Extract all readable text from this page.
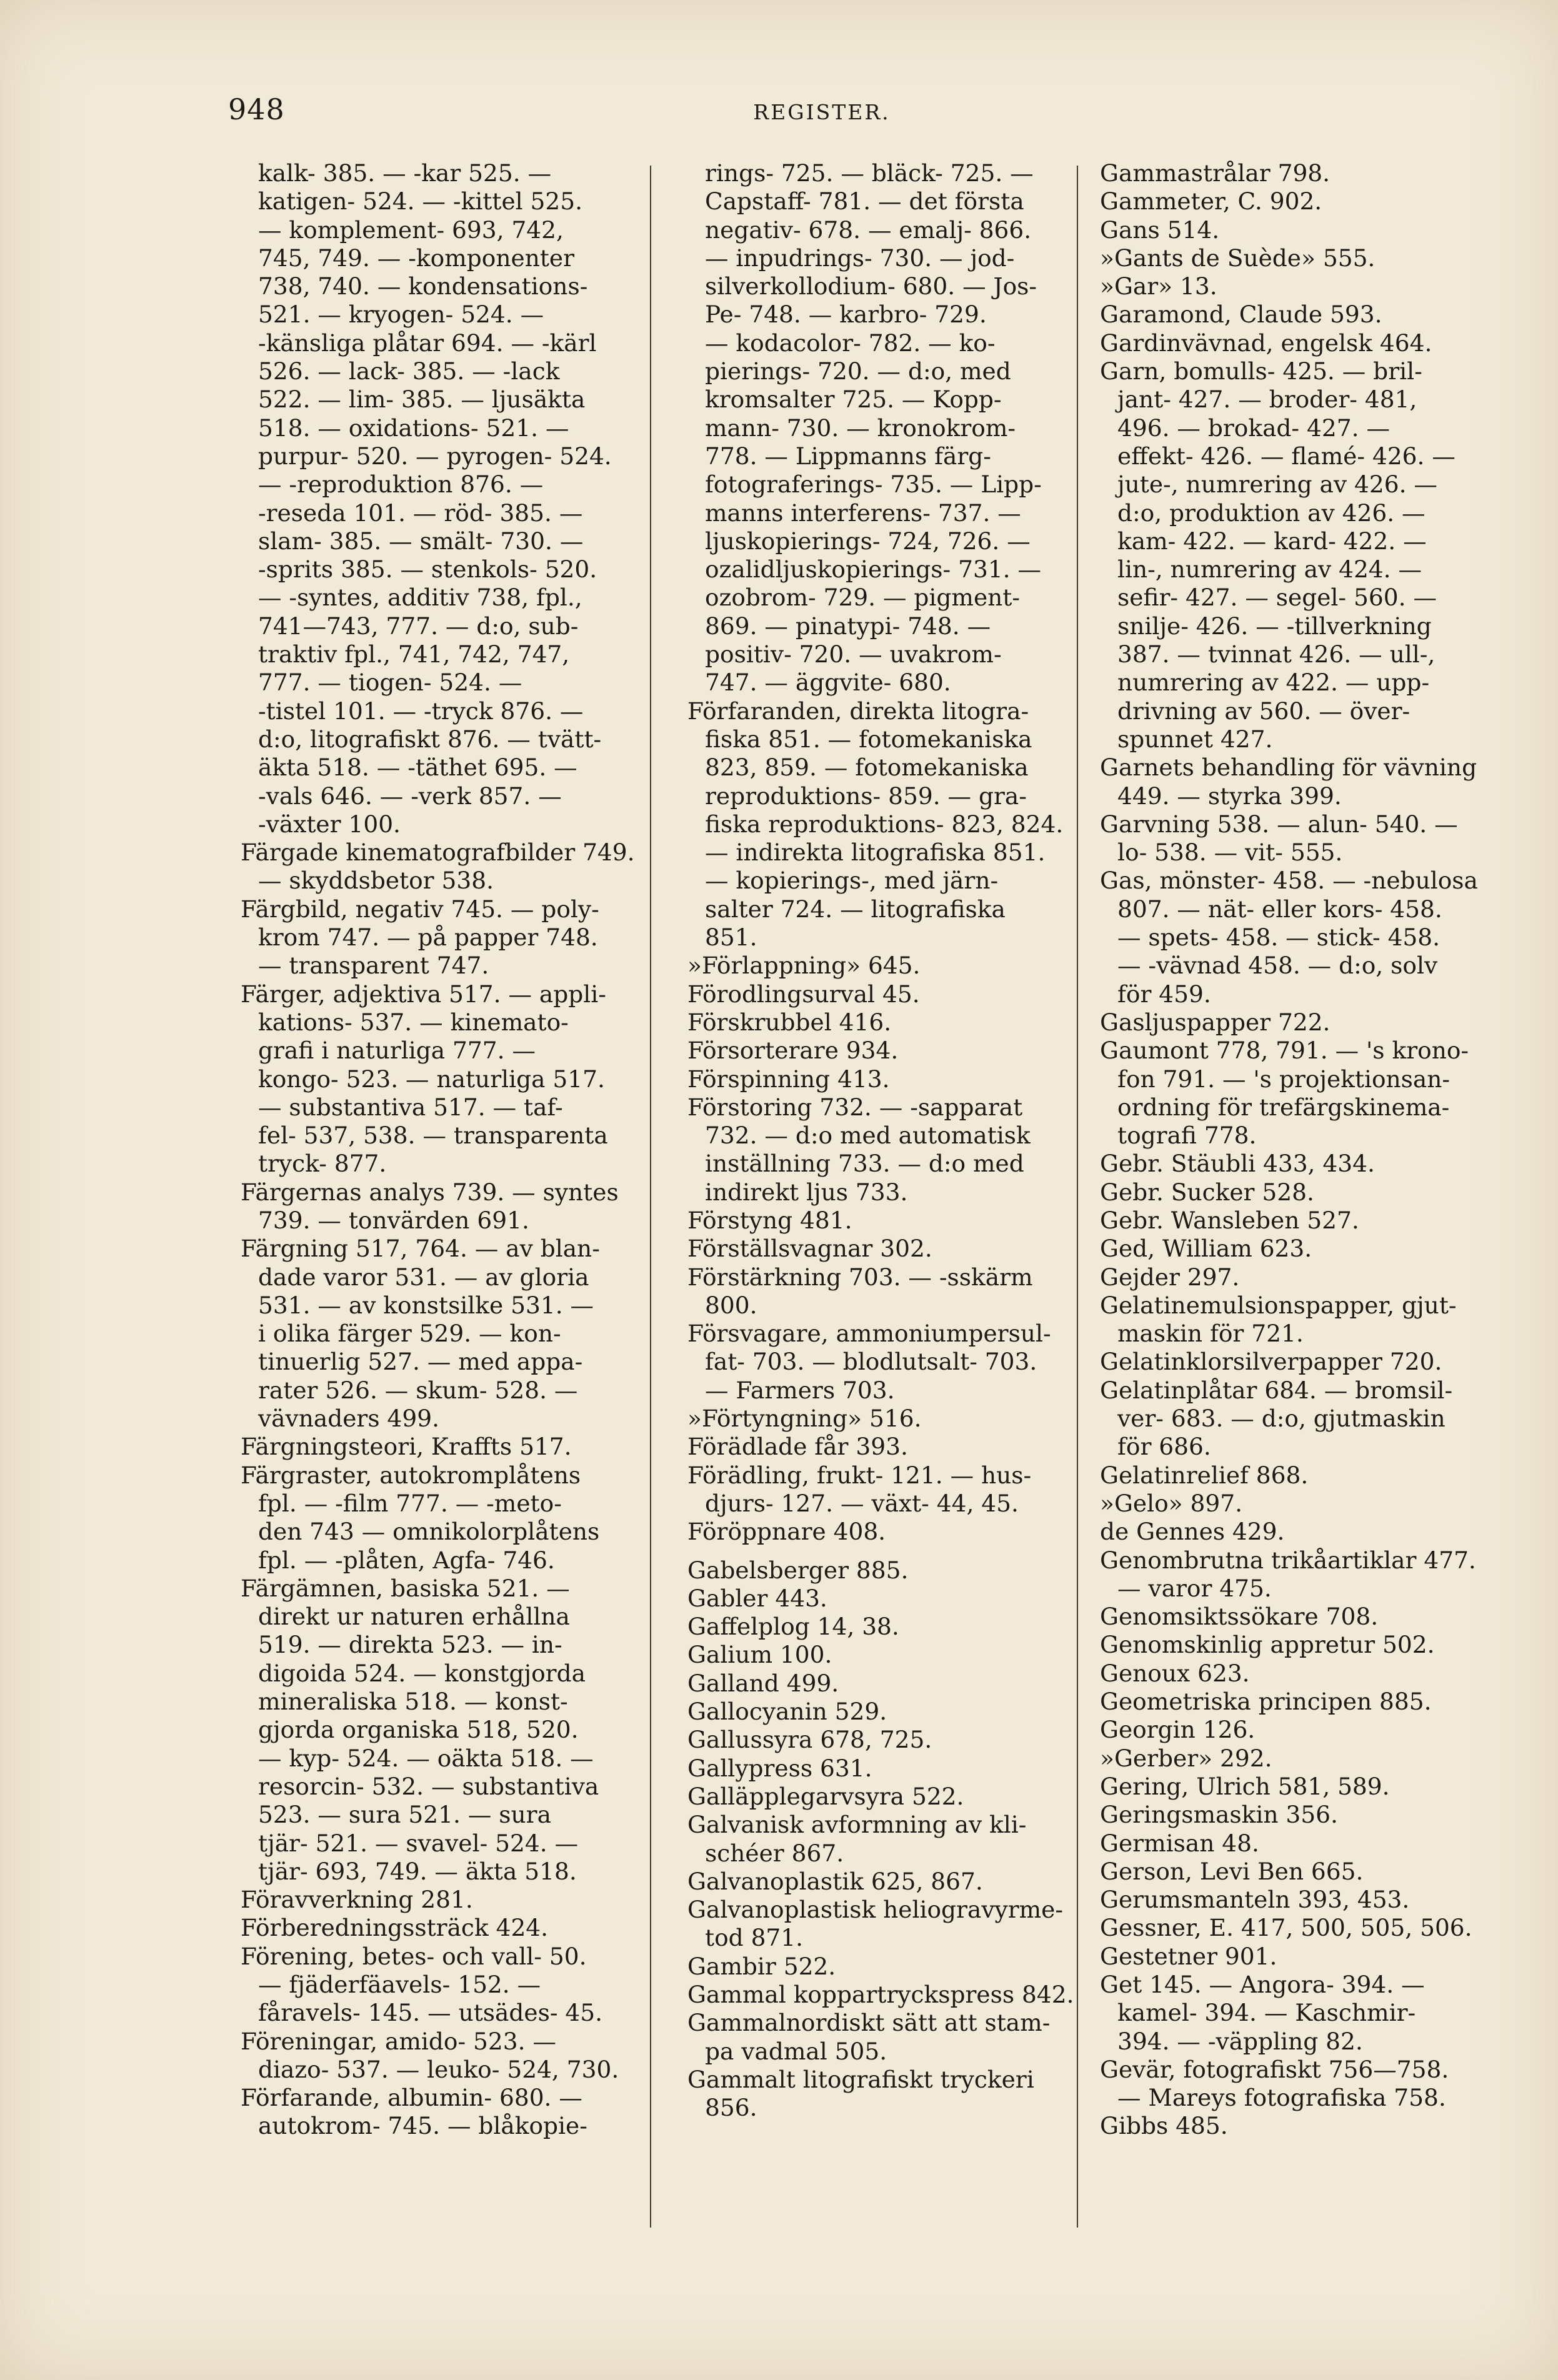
948	REGISTER.
kalk- 385. — -kar 525. —
katigen- 524. — -kittel 525.
— komplement- 693, 742,
745, 749. — -komponenter
738, 740. — kondensations-
521. — kryogen- 524. —
-känsliga plåtar 694. — -kärl
526. — lack- 385. — -lack
522. — lim- 385. — ljusäkta
518. — oxidations- 521. —
purpur- 520. — pyrogen- 524.
— -reproduktion 876. —
-reseda 101. — röd- 385. —
slam- 385. — smält- 730. —
-sprits 385. — stenkols- 520.
— -syntes, additiv 738, fpl.,
741—743, 777. — d:o, sub-
traktiv fpl., 741, 742, 747,
777. — tiogen- 524. —
-tistel 101. — -tryck 876. —
d:o, litografiskt 876. — tvätt-
äkta 518. — -täthet 695. —
-vals 646. — -verk 857. —
-växter 100.
Färgade kinematografbilder 749.
— skyddsbetor 538.
Färgbild, negativ 745. — poly-
krom 747. — på papper 748.
— transparent 747.
Färger, adjektiva 517. — appli-
kations- 537. — kinemato-
grafi i naturliga 777. —
kongo- 523. — naturliga 517.
— substantiva 517. — taf-
fel- 537, 538. — transparenta
tryck- 877.
Färgernas analys 739. — syntes
739. — tonvärden 691.
Färgning 517, 764. — av blan-
dade varor 531. — av gloria
531. — av konstsilke 531. —
i olika färger 529. — kon-
tinuerlig 527. — med appa-
rater 526. — skum- 528. —
vävnaders 499.
Färgningsteori, Kraffts 517.
Färgraster, autokromplåtens
fpl. — -film 777. — -meto-
den 743 — omnikolorplåtens
fpl. — -plåten, Agfa- 746.
Färgämnen, basiska 521. —
direkt ur naturen erhållna
519. — direkta 523. — in-
digoida 524. — konstgjorda
mineraliska 518. — konst-
gjorda organiska 518, 520.
— kyp- 524. — oäkta 518. —
resorcin- 532. — substantiva
523. — sura 521. — sura
tjär- 521. — svavel- 524. —
tjär- 693, 749. — äkta 518.
Föravverkning 281.
Förberedningssträck 424.
Förening, betes- och vall- 50.
— fjäderfäavels- 152. —
fåravels- 145. — utsädes- 45.
Föreningar, amido- 523. —
diazo- 537. — leuko- 524, 730.
Förfarande, albumin- 680. —
autokrom- 745. — blåkopie-
rings- 725. — bläck- 725. —
Capstaff- 781. — det första
negativ- 678. — emalj- 866.
— inpudrings- 730. — jod-
silverkollodium- 680. — Jos-
Pe- 748. — karbro- 729.
— kodacolor- 782. — ko-
pierings- 720. — d:o, med
kromsalter 725. — Kopp-
mann- 730. — kronokrom-
778. — Lippmanns färg-
fotograferings- 735. — Lipp-
manns interferens- 737. —
ljuskopierings- 724, 726. —
ozalidljuskopierings- 731. —
ozobrom- 729. — pigment-
869. — pinatypi- 748. —
positiv- 720. — uvakrom-
747. — äggvite- 680.
Förfaranden, direkta litogra-
fiska 851. — fotomekaniska
823, 859. — fotomekaniska
reproduktions- 859. — gra-
fiska reproduktions- 823, 824.
— indirekta litografiska 851.
— kopierings-, med järn-
salter 724. — litografiska
851.
»Förlappning» 645.
Förodlingsurval 45.
Förskrubbel 416.
Försorterare 934.
Förspinning 413.
Förstoring 732. — -sapparat
732. — d:o med automatisk
inställning 733. — d:o med
indirekt ljus 733.
Förstyng 481.
Förställsvagnar 302.
Förstärkning 703. — -sskärm
800.
Försvagare, ammoniumpersul-
fat- 703. — blodlutsalt- 703.
— Farmers 703.
»Förtyngning» 516.
Förädlade får 393.
Förädling, frukt- 121. — hus-
djurs- 127. — växt- 44, 45.
Föröppnare 408.
Gabelsberger 885.
Gabler 443.
Gaffelplog 14, 38.
Galium 100.
Galland 499.
Gallocyanin 529.
Gallussyra 678, 725.
Gallypress 631.
Galläpplegarvsyra 522.
Galvanisk avformning av kli-
schéer 867.
Galvanoplastik 625, 867.
Galvanoplastisk heliogravyrme-
tod 871.
Gambir 522.
Gammal koppartryckspress 842.
Gammalnordiskt sätt att stam-
pa vadmal 505.
Gammalt litografiskt tryckeri
856.
Gammastrålar 798.
Gammeter, C. 902.
Gans 514.
»Gants de Suède» 555.
»Gar» 13.
Garamond, Claude 593.
Gardinvävnad, engelsk 464.
Garn, bomulls- 425. — bril-
jant- 427. — broder- 481,
496. — brokad- 427. —
effekt- 426. — flamé- 426. —
jute-, numrering av 426. —
d:o, produktion av 426. —
kam- 422. — kard- 422. —
lin-, numrering av 424. —
sefir- 427. — segel- 560. —
snilje- 426. — -tillverkning
387. — tvinnat 426. — ull-,
numrering av 422. — upp-
drivning av 560. — över-
spunnet 427.
Garnets behandling för vävning
449. — styrka 399.
Garvning 538. — alun- 540. —
lo- 538. — vit- 555.
Gas, mönster- 458. — -nebulosa
807. — nät- eller kors- 458.
— spets- 458. — stick- 458.
— -vävnad 458. — d:o, solv
för 459.
Gasljuspapper 722.
Gaumont 778, 791. — 's krono-
fon 791. — 's projektionsan-
ordning för trefärgskinema-
tografi 778.
Gebr. Stäubli 433, 434.
Gebr. Sucker 528.
Gebr. Wansleben 527.
Ged, William 623.
Gejder 297.
Gelatinemulsionspapper, gjut-
maskin för 721.
Gelatinklorsilverpapper 720.
Gelatinplåtar 684. — bromsil-
ver- 683. — d:o, gjutmaskin
för 686.
Gelatinrelief 868.
»Gelo» 897.
de Gennes 429.
Genombrutna trikåartiklar 477.
— varor 475.
Genomsiktssökare 708.
Genomskinlig appretur 502.
Genoux 623.
Geometriska principen 885.
Georgin 126.
»Gerber» 292.
Gering, Ulrich 581, 589.
Geringsmaskin 356.
Germisan 48.
Gerson, Levi Ben 665.
Gerumsmanteln 393, 453.
Gessner, E. 417, 500, 505, 506.
Gestetner 901.
Get 145. — Angora- 394. —
kamel- 394. — Kaschmir-
394. — -väppling 82.
Gevär, fotografiskt 756—758.
— Mareys fotografiska 758.
Gibbs 485.
